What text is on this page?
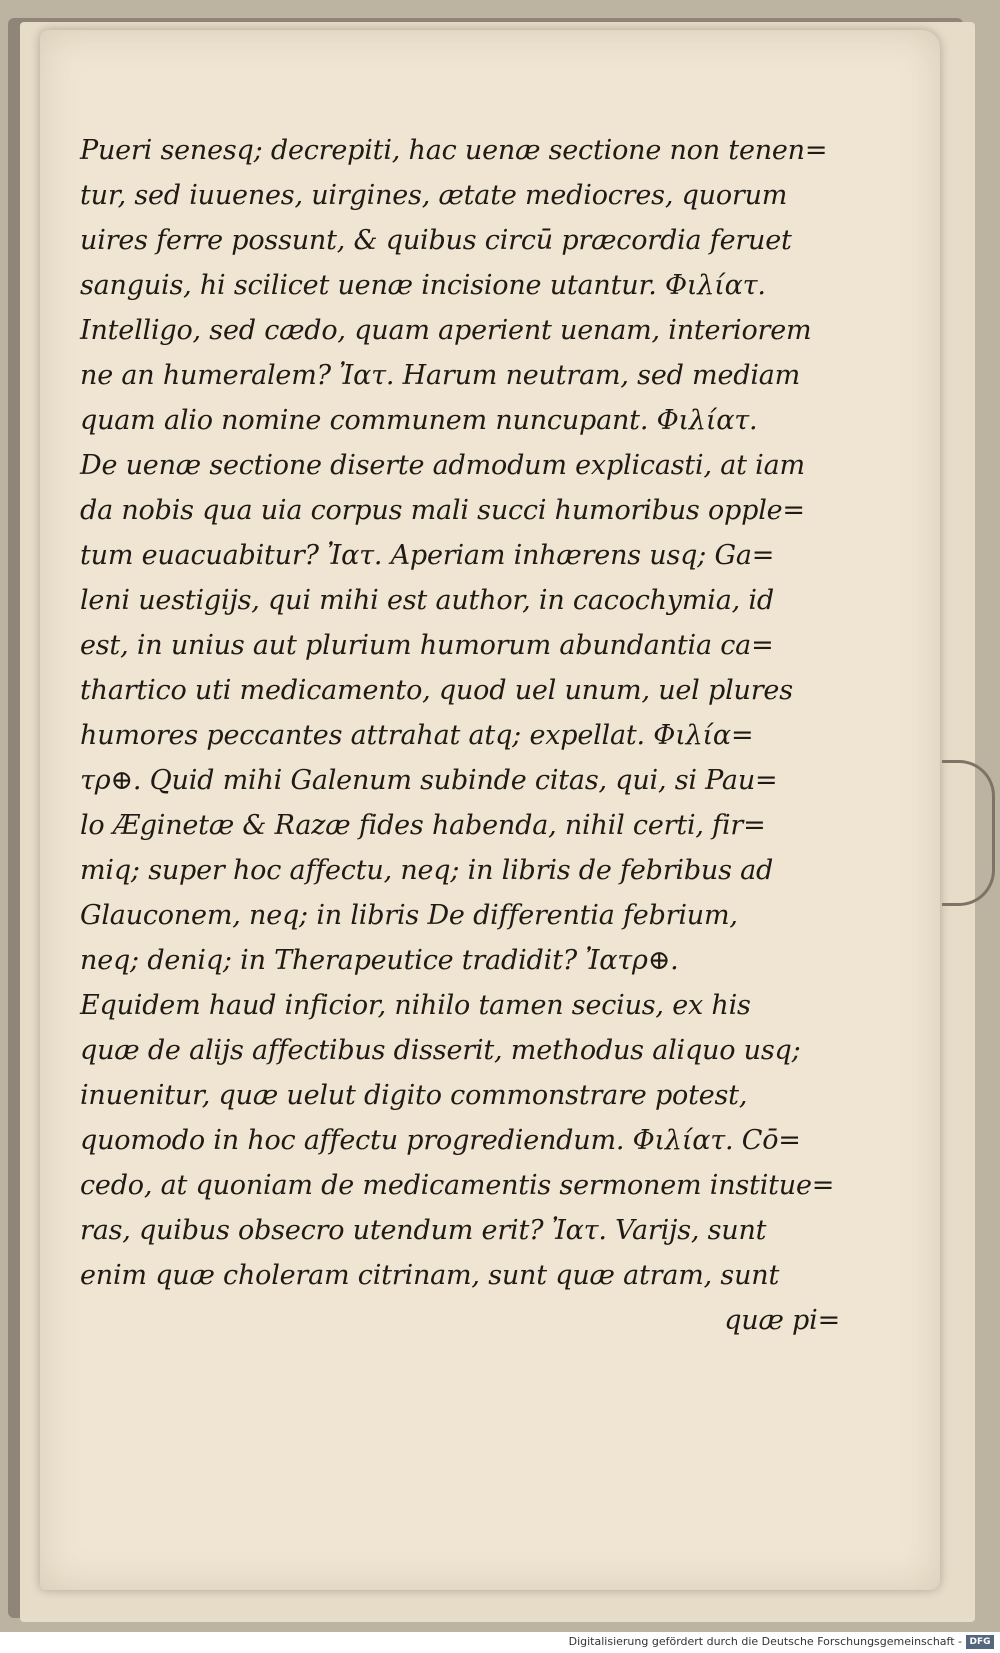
Pueri senesq; decrepiti, hac uenæ sectione non tenen=
tur, sed iuuenes, uirgines, ætate mediocres, quorum
uires ferre possunt, & quibus circū præcordia feruet
sanguis, hi scilicet uenæ incisione utantur. Φιλίατ.
Intelligo, sed cædo, quam aperient uenam, interiorem
ne an humeralem? Ἰατ. Harum neutram, sed mediam
quam alio nomine communem nuncupant. Φιλίατ.
De uenæ sectione diserte admodum explicasti, at iam
da nobis qua uia corpus mali succi humoribus opple=
tum euacuabitur? Ἰατ. Aperiam inhærens usq; Ga=
leni uestigijs, qui mihi est author, in cacochymia, id
est, in unius aut plurium humorum abundantia ca=
thartico uti medicamento, quod uel unum, uel plures
humores peccantes attrahat atq; expellat. Φιλία=
τρ⊕. Quid mihi Galenum subinde citas, qui, si Pau=
lo Æginetæ & Razæ fides habenda, nihil certi, fir=
miq; super hoc affectu, neq; in libris de febribus ad
Glauconem, neq; in libris De differentia febrium,
neq; deniq; in Therapeutice tradidit? Ἰατρ⊕.
Equidem haud inficior, nihilo tamen secius, ex his
quæ de alijs affectibus disserit, methodus aliquo usq;
inuenitur, quæ uelut digito commonstrare potest,
quomodo in hoc affectu progrediendum. Φιλίατ. Cō=
cedo, at quoniam de medicamentis sermonem institue=
ras, quibus obsecro utendum erit? Ἰατ. Varijs, sunt
enim quæ choleram citrinam, sunt quæ atram, sunt
quæ pi=
Digitalisierung gefördert durch die Deutsche Forschungsgemeinschaft - DFG
